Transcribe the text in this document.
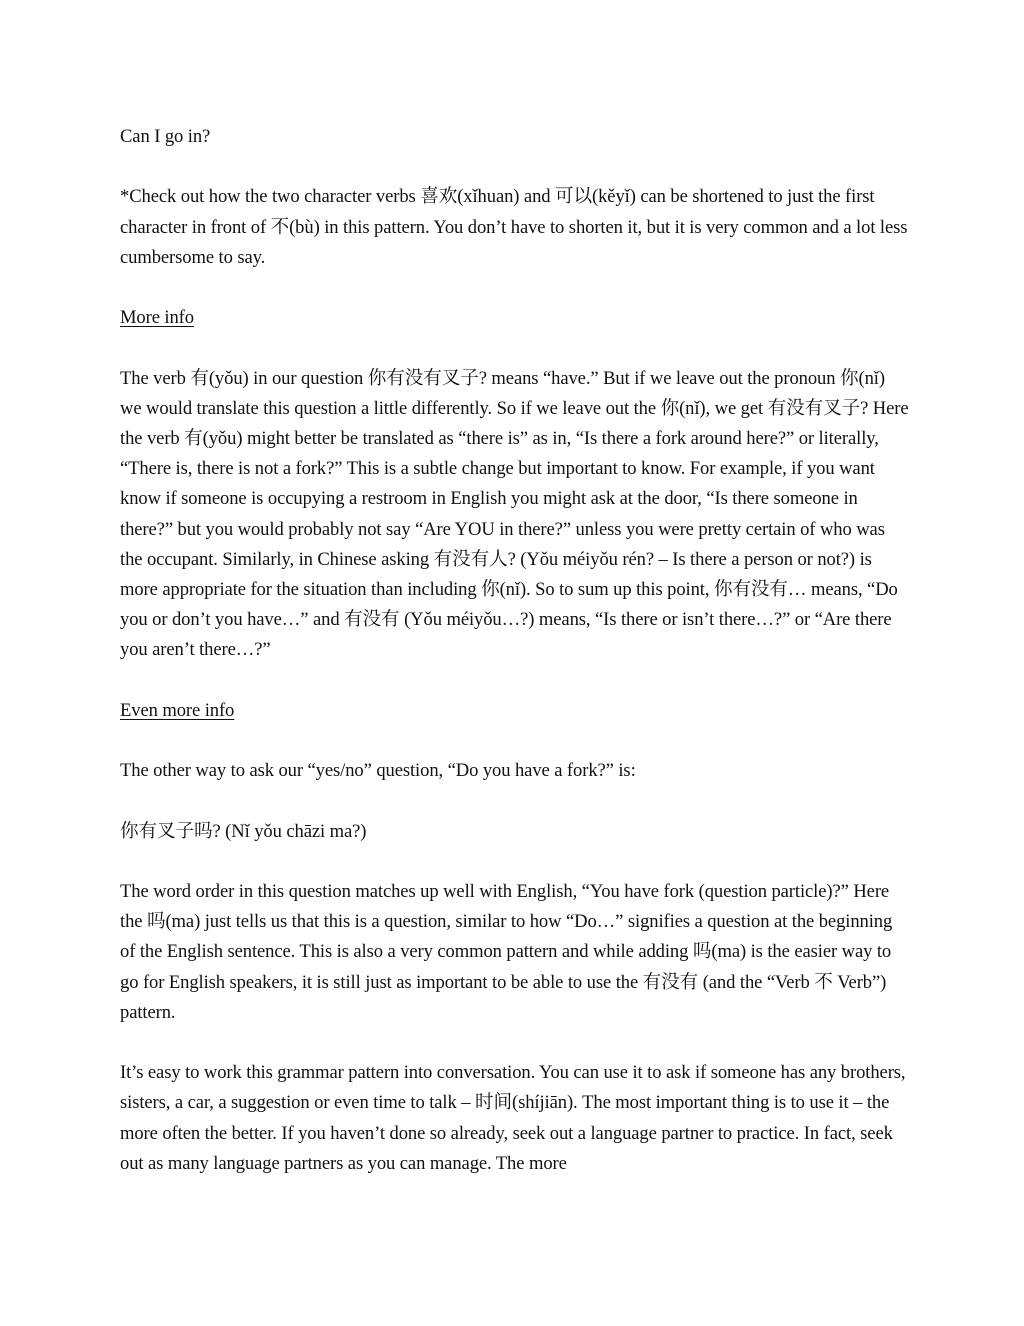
Can I go in?

*Check out how the two character verbs 喜欢(xǐhuan) and 可以(kěyǐ) can be shortened to just the first character in front of 不(bù) in this pattern. You don’t have to shorten it, but it is very common and a lot less cumbersome to say.

More info

The verb 有(yǒu) in our question 你有没有叉子? means “have.” But if we leave out the pronoun 你(nǐ) we would translate this question a little differently. So if we leave out the 你(nǐ), we get 有没有叉子? Here the verb 有(yǒu) might better be translated as “there is” as in, “Is there a fork around here?” or literally, “There is, there is not a fork?” This is a subtle change but important to know. For example, if you want know if someone is occupying a restroom in English you might ask at the door, “Is there someone in there?” but you would probably not say “Are YOU in there?” unless you were pretty certain of who was the occupant. Similarly, in Chinese asking 有没有人? (Yǒu méiyǒu rén? – Is there a person or not?) is more appropriate for the situation than including 你(nǐ). So to sum up this point, 你有没有… means, “Do you or don’t you have…” and 有没有 (Yǒu méiyǒu…?) means, “Is there or isn’t there…?” or “Are there you aren’t there…?”

Even more info

The other way to ask our “yes/no” question, “Do you have a fork?” is:

你有叉子吗? (Nǐ yǒu chāzi ma?)

The word order in this question matches up well with English, “You have fork (question particle)?” Here the 吗(ma) just tells us that this is a question, similar to how “Do…” signifies a question at the beginning of the English sentence. This is also a very common pattern and while adding 吗(ma) is the easier way to go for English speakers, it is still just as important to be able to use the 有没有 (and the “Verb 不 Verb”) pattern.

It’s easy to work this grammar pattern into conversation. You can use it to ask if someone has any brothers, sisters, a car, a suggestion or even time to talk – 时间(shíjiān). The most important thing is to use it – the more often the better. If you haven’t done so already, seek out a language partner to practice. In fact, seek out as many language partners as you can manage. The more
